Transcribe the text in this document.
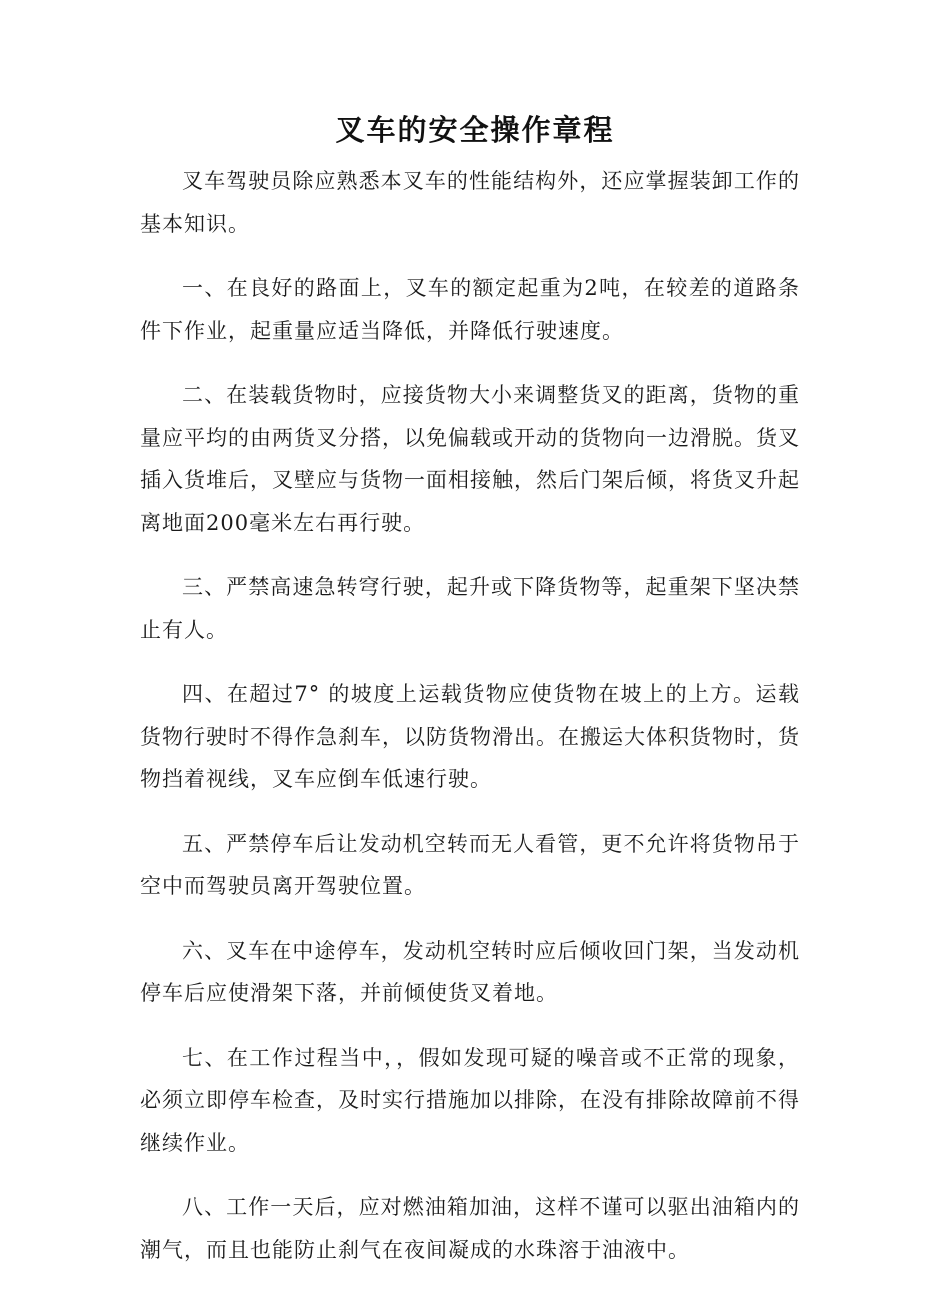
叉车的安全操作章程

叉车驾驶员除应熟悉本叉车的性能结构外，还应掌握装卸工作的基本知识。

一、在良好的路面上，叉车的额定起重为2吨，在较差的道路条件下作业，起重量应适当降低，并降低行驶速度。

二、在装载货物时，应接货物大小来调整货叉的距离，货物的重量应平均的由两货叉分搭，以免偏载或开动的货物向一边滑脱。货叉插入货堆后，叉壁应与货物一面相接触，然后门架后倾，将货叉升起离地面200毫米左右再行驶。

三、严禁高速急转穹行驶，起升或下降货物等，起重架下坚决禁止有人。

四、在超过7° 的坡度上运载货物应使货物在坡上的上方。运载货物行驶时不得作急刹车，以防货物滑出。在搬运大体积货物时，货物挡着视线，叉车应倒车低速行驶。

五、严禁停车后让发动机空转而无人看管，更不允许将货物吊于空中而驾驶员离开驾驶位置。

六、叉车在中途停车，发动机空转时应后倾收回门架，当发动机停车后应使滑架下落，并前倾使货叉着地。

七、在工作过程当中，，假如发现可疑的噪音或不正常的现象，必须立即停车检查，及时实行措施加以排除，在没有排除故障前不得继续作业。

八、工作一天后，应对燃油箱加油，这样不谨可以驱出油箱内的潮气，而且也能防止刹气在夜间凝成的水珠溶于油液中。
